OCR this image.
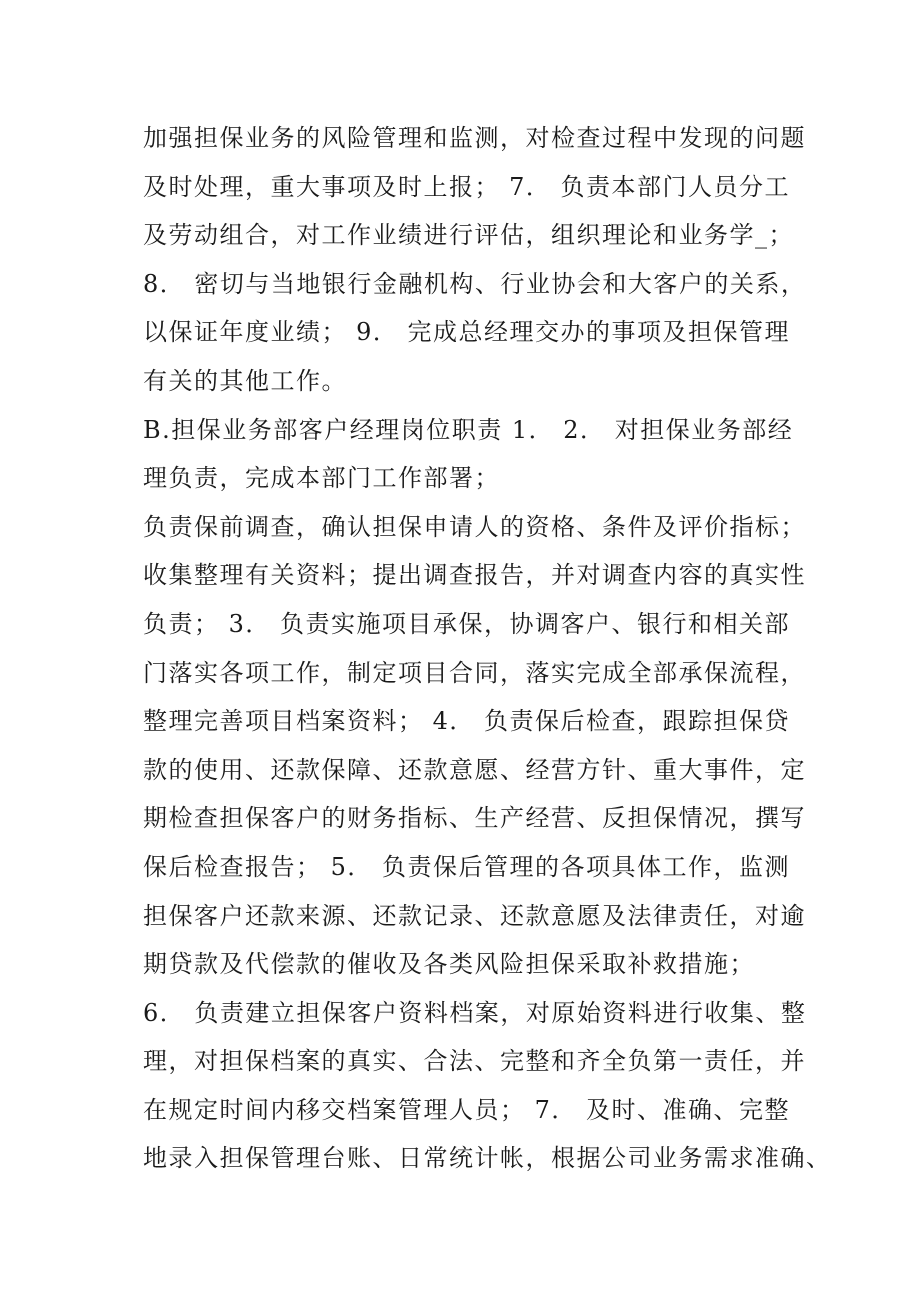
加强担保业务的风险管理和监测，对检查过程中发现的问题
及时处理，重大事项及时上报； 7． 负责本部门人员分工
及劳动组合，对工作业绩进行评估，组织理论和业务学_；
8． 密切与当地银行金融机构、行业协会和大客户的关系，
以保证年度业绩； 9． 完成总经理交办的事项及担保管理
有关的其他工作。
B.担保业务部客户经理岗位职责 1． 2． 对担保业务部经
理负责，完成本部门工作部署；
负责保前调查，确认担保申请人的资格、条件及评价指标；
收集整理有关资料；提出调查报告，并对调查内容的真实性
负责； 3． 负责实施项目承保，协调客户、银行和相关部
门落实各项工作，制定项目合同，落实完成全部承保流程，
整理完善项目档案资料； 4． 负责保后检查，跟踪担保贷
款的使用、还款保障、还款意愿、经营方针、重大事件，定
期检查担保客户的财务指标、生产经营、反担保情况，撰写
保后检查报告； 5． 负责保后管理的各项具体工作，监测
担保客户还款来源、还款记录、还款意愿及法律责任，对逾
期贷款及代偿款的催收及各类风险担保采取补救措施；
6． 负责建立担保客户资料档案，对原始资料进行收集、整
理，对担保档案的真实、合法、完整和齐全负第一责任，并
在规定时间内移交档案管理人员； 7． 及时、准确、完整
地录入担保管理台账、日常统计帐，根据公司业务需求准确、
